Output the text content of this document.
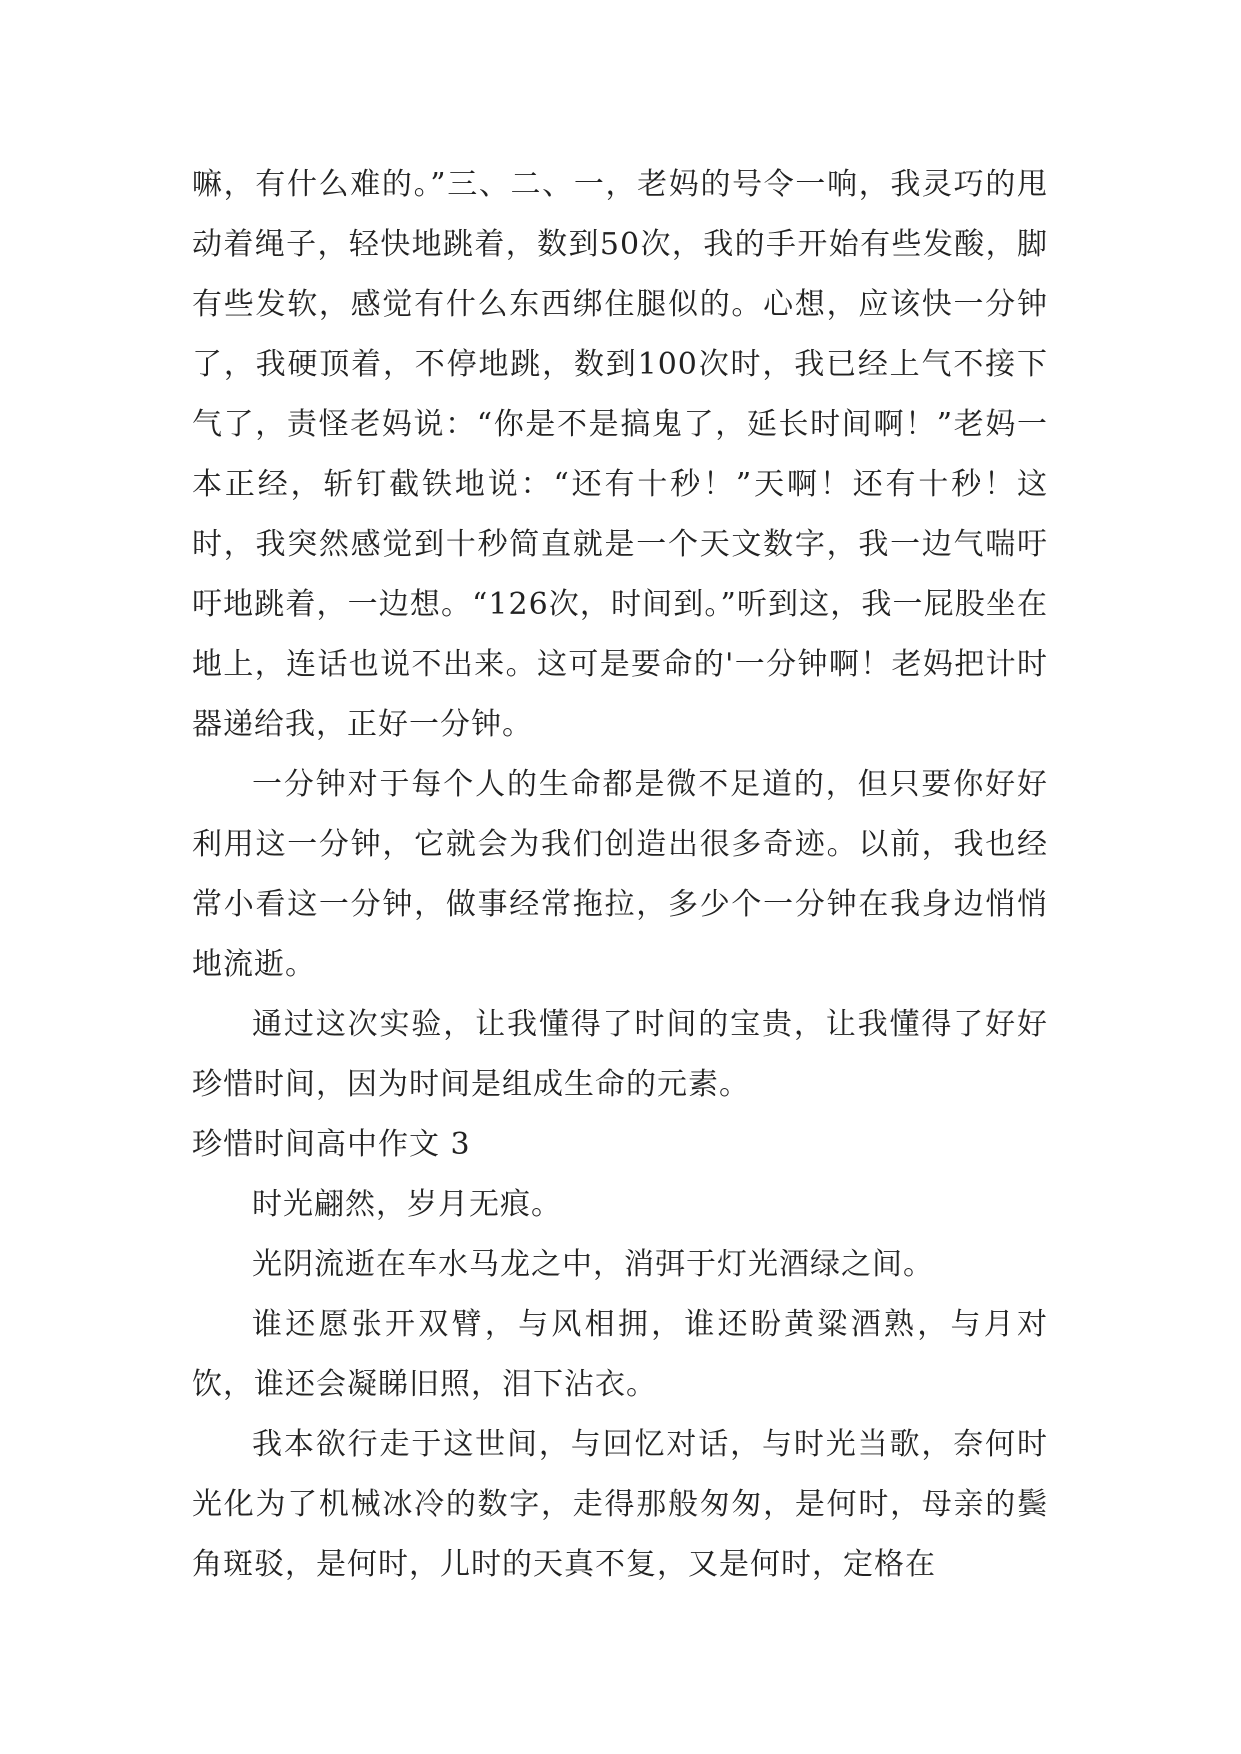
嘛，有什么难的。”三、二、一，老妈的号令一响，我灵巧的甩动着绳子，轻快地跳着，数到50次，我的手开始有些发酸，脚有些发软，感觉有什么东西绑住腿似的。心想，应该快一分钟了，我硬顶着，不停地跳，数到100次时，我已经上气不接下气了，责怪老妈说：“你是不是搞鬼了，延长时间啊！”老妈一本正经，斩钉截铁地说：“还有十秒！”天啊！还有十秒！这时，我突然感觉到十秒简直就是一个天文数字，我一边气喘吁吁地跳着，一边想。“126次，时间到。”听到这，我一屁股坐在地上，连话也说不出来。这可是要命的'一分钟啊！老妈把计时器递给我，正好一分钟。

一分钟对于每个人的生命都是微不足道的，但只要你好好利用这一分钟，它就会为我们创造出很多奇迹。以前，我也经常小看这一分钟，做事经常拖拉，多少个一分钟在我身边悄悄地流逝。

通过这次实验，让我懂得了时间的宝贵，让我懂得了好好珍惜时间，因为时间是组成生命的元素。

珍惜时间高中作文 3

时光翩然，岁月无痕。

光阴流逝在车水马龙之中，消弭于灯光酒绿之间。

谁还愿张开双臂，与风相拥，谁还盼黄粱酒熟，与月对饮，谁还会凝睇旧照，泪下沾衣。

我本欲行走于这世间，与回忆对话，与时光当歌，奈何时光化为了机械冰冷的数字，走得那般匆匆，是何时，母亲的鬓角斑驳，是何时，儿时的天真不复，又是何时，定格在
